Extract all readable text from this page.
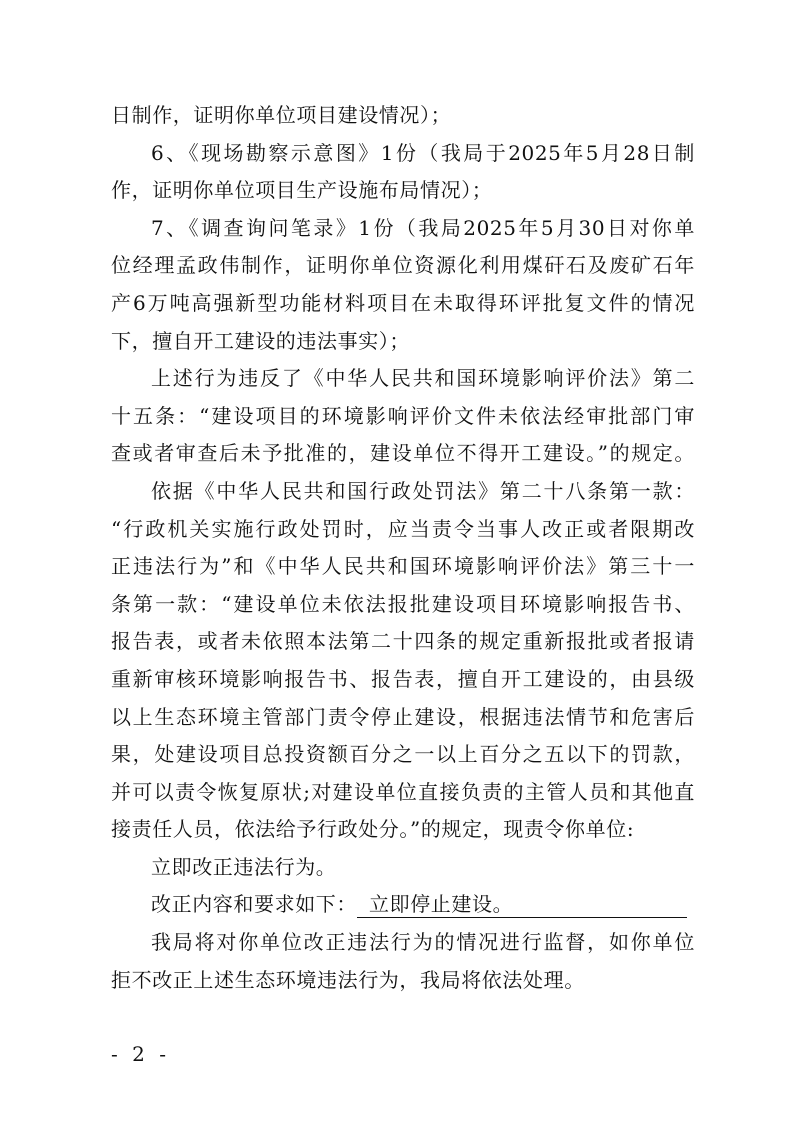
日制作，证明你单位项目建设情况）；
6、《现场勘察示意图》1份（我局于2025年5月28日制
作，证明你单位项目生产设施布局情况）；
7、《调查询问笔录》1份（我局2025年5月30日对你单
位经理孟政伟制作，证明你单位资源化利用煤矸石及废矿石年
产6万吨高强新型功能材料项目在未取得环评批复文件的情况
下，擅自开工建设的违法事实）；
上述行为违反了《中华人民共和国环境影响评价法》第二
十五条：“建设项目的环境影响评价文件未依法经审批部门审
查或者审查后未予批准的，建设单位不得开工建设。”的规定。
依据《中华人民共和国行政处罚法》第二十八条第一款：
“行政机关实施行政处罚时，应当责令当事人改正或者限期改
正违法行为”和《中华人民共和国环境影响评价法》第三十一
条第一款：“建设单位未依法报批建设项目环境影响报告书、
报告表，或者未依照本法第二十四条的规定重新报批或者报请
重新审核环境影响报告书、报告表，擅自开工建设的，由县级
以上生态环境主管部门责令停止建设，根据违法情节和危害后
果，处建设项目总投资额百分之一以上百分之五以下的罚款，
并可以责令恢复原状;对建设单位直接负责的主管人员和其他直
接责任人员，依法给予行政处分。”的规定，现责令你单位:
立即改正违法行为。
改正内容和要求如下： 立即停止建设。
我局将对你单位改正违法行为的情况进行监督，如你单位
拒不改正上述生态环境违法行为，我局将依法处理。
- 2 -
